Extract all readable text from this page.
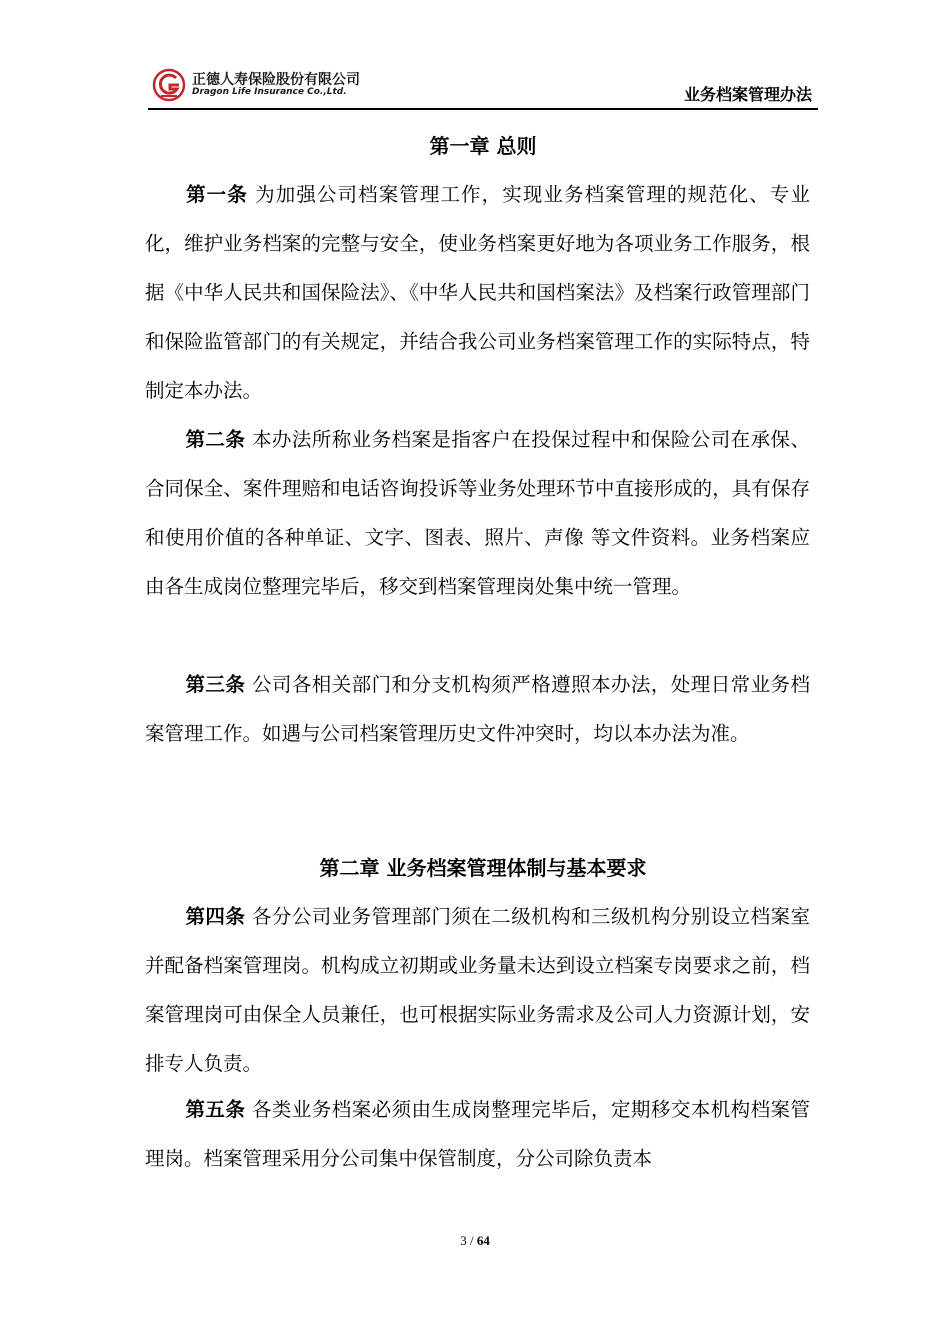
正德人寿保险股份有限公司
Dragon Life Insurance Co.,Ltd.	业务档案管理办法
第一章 总则
第一条 为加强公司档案管理工作，实现业务档案管理的规范化、专业化，维护业务档案的完整与安全，使业务档案更好地为各项业务工作服务，根据《中华人民共和国保险法》、《中华人民共和国档案法》及档案行政管理部门和保险监管部门的有关规定，并结合我公司业务档案管理工作的实际特点，特制定本办法。
第二条 本办法所称业务档案是指客户在投保过程中和保险公司在承保、合同保全、案件理赔和电话咨询投诉等业务处理环节中直接形成的，具有保存和使用价值的各种单证、文字、图表、照片、声像 等文件资料。业务档案应由各生成岗位整理完毕后，移交到档案管理岗处集中统一管理。
第三条 公司各相关部门和分支机构须严格遵照本办法，处理日常业务档案管理工作。如遇与公司档案管理历史文件冲突时，均以本办法为准。
第二章 业务档案管理体制与基本要求
第四条 各分公司业务管理部门须在二级机构和三级机构分别设立档案室并配备档案管理岗。机构成立初期或业务量未达到设立档案专岗要求之前，档案管理岗可由保全人员兼任，也可根据实际业务需求及公司人力资源计划，安排专人负责。
第五条 各类业务档案必须由生成岗整理完毕后，定期移交本机构档案管理岗。档案管理采用分公司集中保管制度，分公司除负责本
3 / 64
